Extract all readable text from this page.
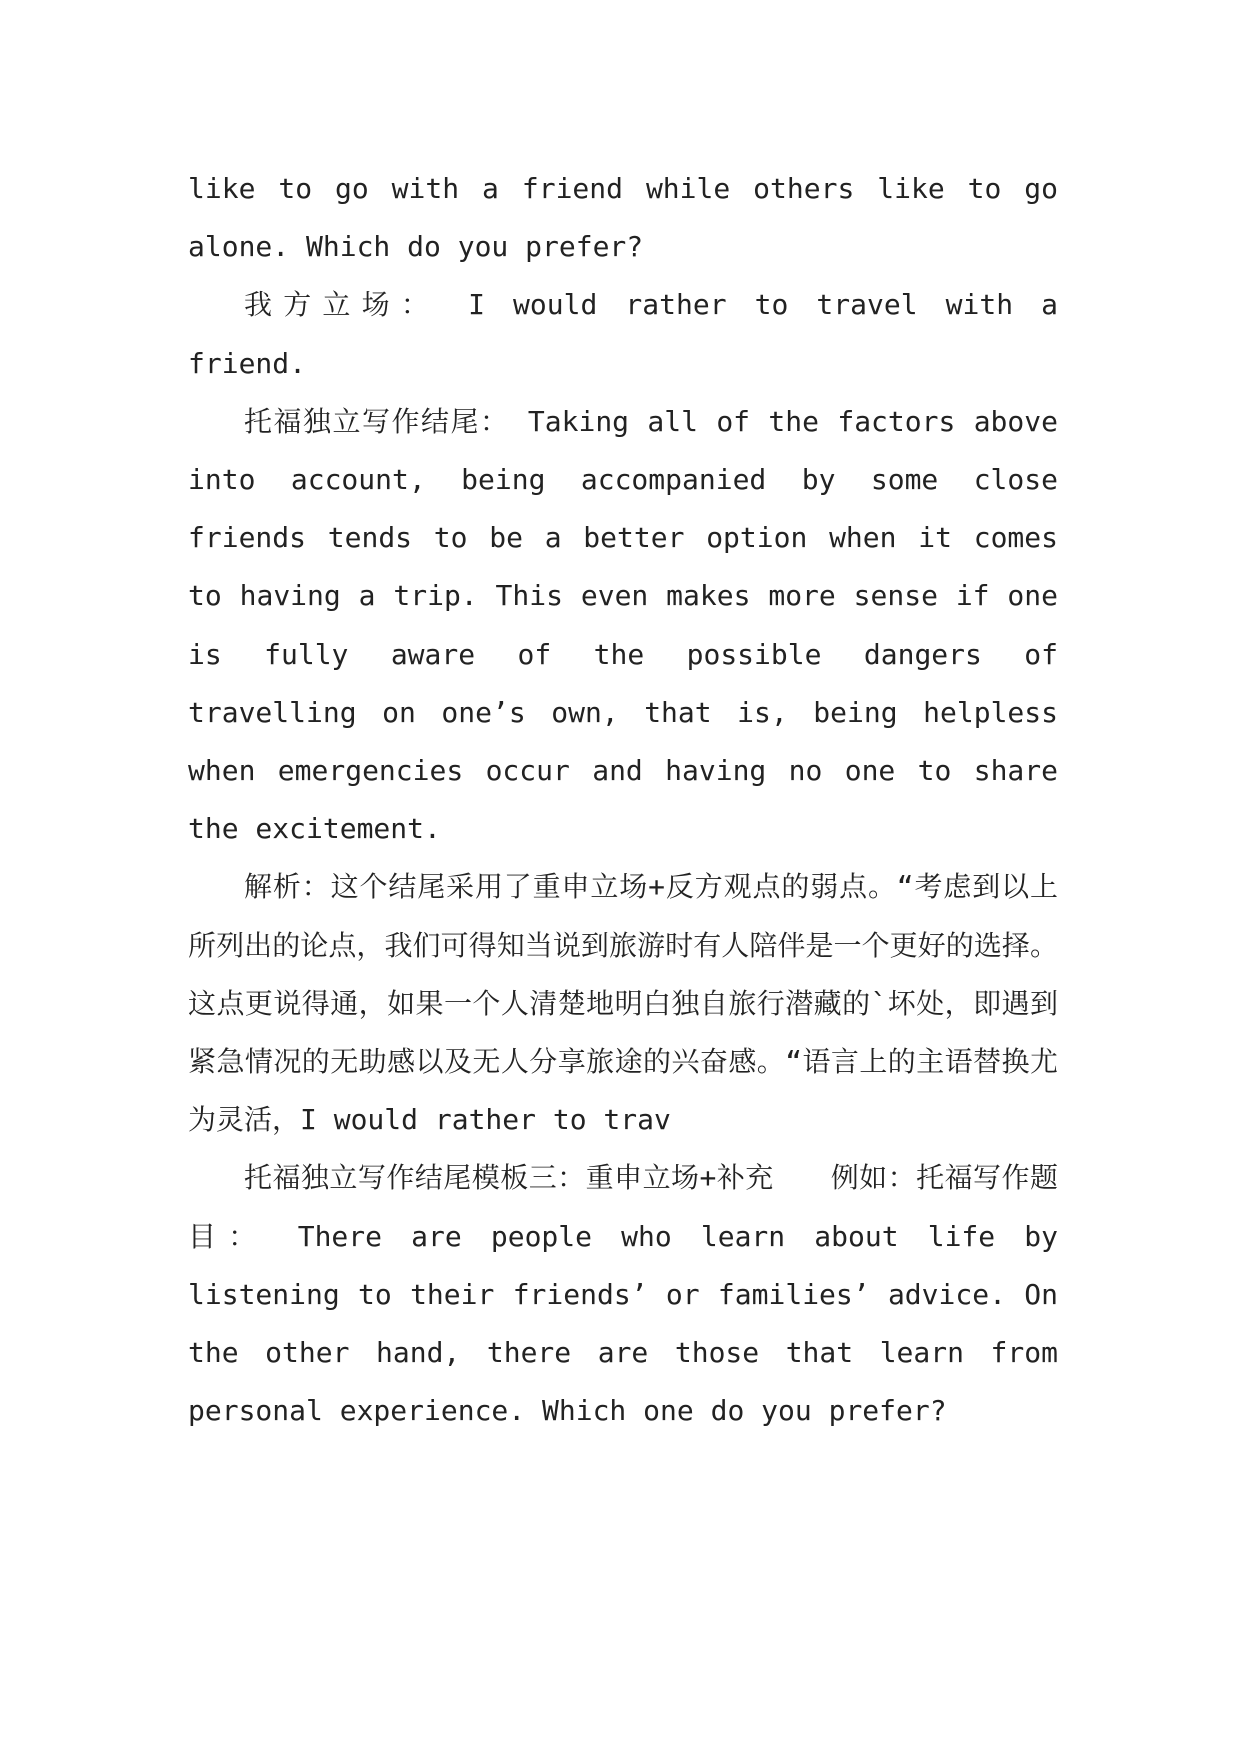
like to go with a friend while others like to go alone. Which do you prefer?

我方立场： I would rather to travel with a friend.

托福独立写作结尾： Taking all of the factors above into account, being accompanied by some close friends tends to be a better option when it comes to having a trip. This even makes more sense if one is fully aware of the possible dangers of travelling on one’s own, that is, being helpless when emergencies occur and having no one to share the excitement.

解析：这个结尾采用了重申立场+反方观点的弱点。“考虑到以上所列出的论点，我们可得知当说到旅游时有人陪伴是一个更好的选择。这点更说得通，如果一个人清楚地明白独自旅行潜藏的`坏处，即遇到紧急情况的无助感以及无人分享旅途的兴奋感。“语言上的主语替换尤为灵活，I would rather to trav

托福独立写作结尾模板三：重申立场+补充　　例如：托福写作题目： There are people who learn about life by listening to their friends’ or families’ advice. On the other hand, there are those that learn from personal experience. Which one do you prefer?
